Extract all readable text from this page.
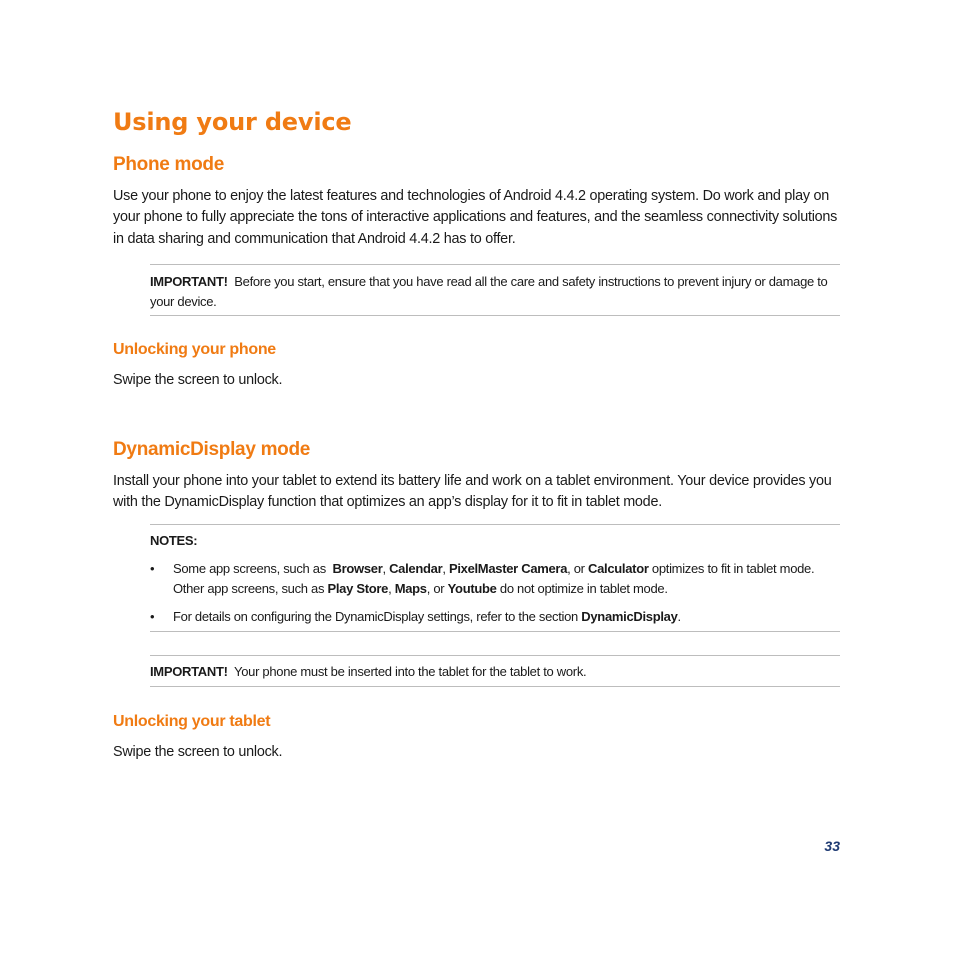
Using your device
Phone mode

Use your phone to enjoy the latest features and technologies of Android 4.4.2 operating system. Do work and play on your phone to fully appreciate the tons of interactive applications and features, and the seamless connectivity solutions in data sharing and communication that Android 4.4.2 has to offer.

IMPORTANT! Before you start, ensure that you have read all the care and safety instructions to prevent injury or damage to your device.

Unlocking your phone

Swipe the screen to unlock.

DynamicDisplay mode

Install your phone into your tablet to extend its battery life and work on a tablet environment. Your device provides you with the DynamicDisplay function that optimizes an app’s display for it to fit in tablet mode.

NOTES:

•	Some app screens, such as  Browser, Calendar, PixelMaster Camera, or Calculator optimizes to fit in tablet mode. Other app screens, such as Play Store, Maps, or Youtube do not optimize in tablet mode.
•	For details on configuring the DynamicDisplay settings, refer to the section DynamicDisplay.

IMPORTANT! Your phone must be inserted into the tablet for the tablet to work.

Unlocking your tablet

Swipe the screen to unlock.

33
